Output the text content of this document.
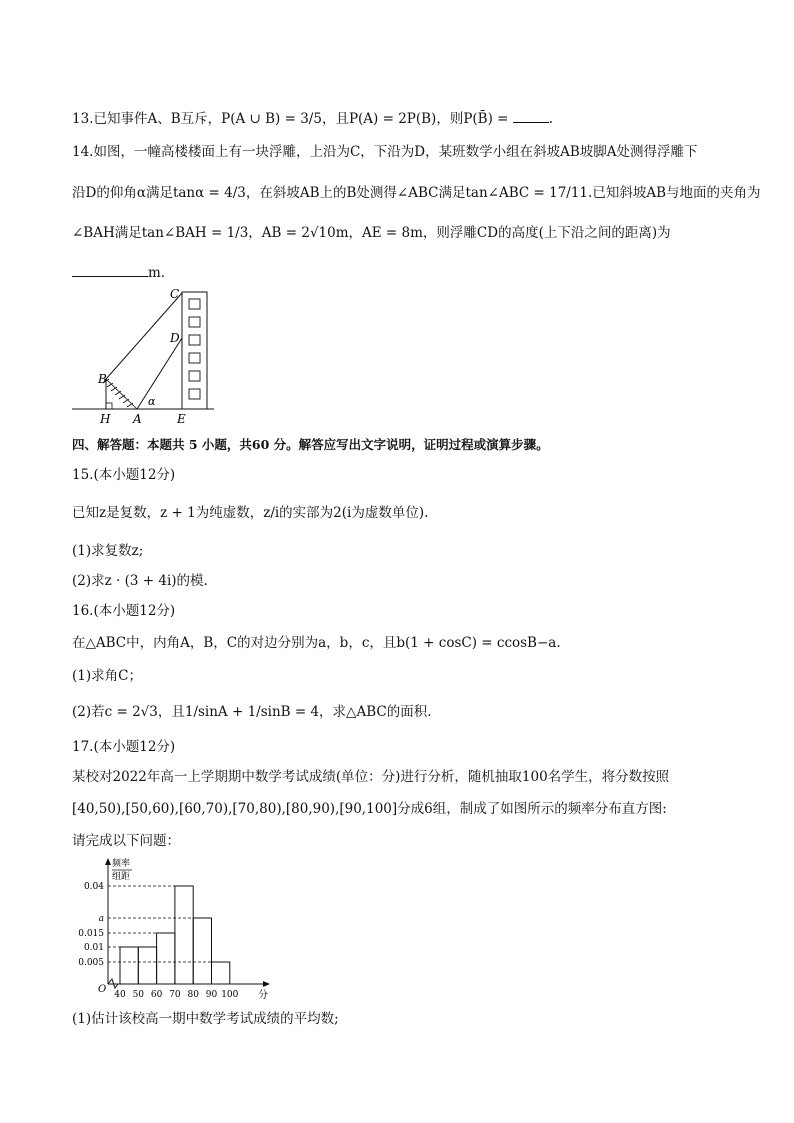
13.已知事件A、B互斥，P(A ∪ B) = 3/5，且P(A) = 2P(B)，则P(B̄) =	.
14.如图，一幢高楼楼面上有一块浮雕，上沿为C，下沿为D，某班数学小组在斜坡AB坡脚A处测得浮雕下
沿D的仰角α满足tanα = 4/3，在斜坡AB上的B处测得∠ABC满足tan∠ABC = 17/11.已知斜坡AB与地面的夹角为
∠BAH满足tan∠BAH = 1/3，AB = 2√10m，AE = 8m，则浮雕CD的高度(上下沿之间的距离)为
m.
C
D
B
H A	E
α
四、解答题：本题共 5 小题，共60 分。解答应写出文字说明，证明过程或演算步骤。
15.(本小题12分)
已知z是复数，z + 1为纯虚数，z/i的实部为2(i为虚数单位).
(1)求复数z;
(2)求z · (3 + 4i)的模.
16.(本小题12分)
在△ABC中，内角A，B，C的对边分别为a，b，c，且b(1 + cosC) = ccosB−a.
(1)求角C；
(2)若c = 2√3，且1/sinA + 1/sinB = 4，求△ABC的面积.
17.(本小题12分)
某校对2022年高一上学期期中数学考试成绩(单位：分)进行分析，随机抽取100名学生，将分数按照
[40,50),[50,60),[60,70),[70,80),[80,90),[90,100]分成6组，制成了如图所示的频率分布直方图:
请完成以下问题：
0.005
0.01
0.015
a
0.04
40 50 60 70 80 90 100
频率
组距
分
O
(1)估计该校高一期中数学考试成绩的平均数;
